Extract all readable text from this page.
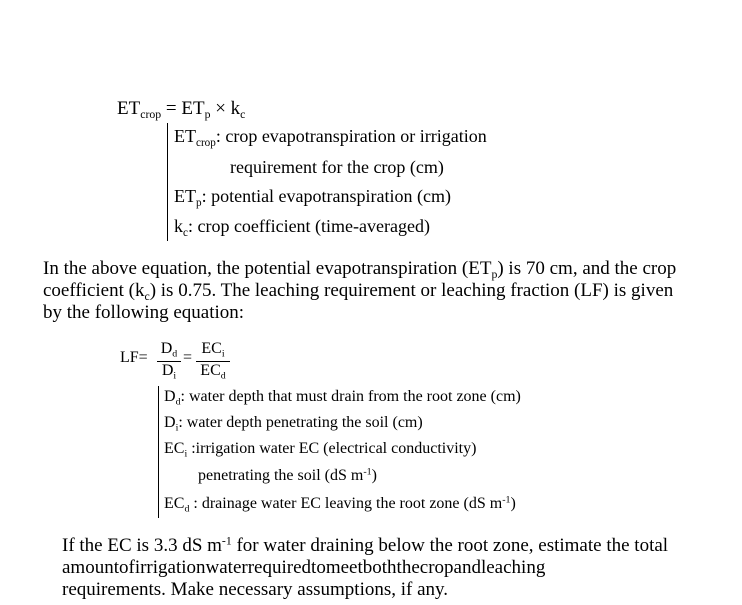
$ET_{crop} = ET_p \times k_c$
$ET_{crop}$: crop evapotranspiration or irrigation
requirement for the crop (cm)
$ET_p$: potential evapotranspiration (cm)
$k_c$: crop coefficient (time-averaged)
In the above equation, the potential evapotranspiration $(ET_p)$ is 70 cm, and the crop
coefficient $(k_c)$ is 0.75. The leaching requirement or leaching fraction (LF) is given
by the following equation:
LF=
$D_d$
$D_i$
=
$EC_i$
$EC_d$
$D_d$: water depth that must drain from the root zone (cm)
$D_i$: water depth penetrating the soil (cm)
$EC_i$ :irrigation water EC (electrical conductivity)
penetrating the soil (dS $m^{-1}$)
$EC_d$ : drainage water EC leaving the root zone (dS $m^{-1}$)
If the EC is 3.3 dS $m^{-1}$ for water draining below the root zone, estimate the total
amountofirrigationwaterrequiredtomeetboththecropandleaching
requirements. Make necessary assumptions, if any.
